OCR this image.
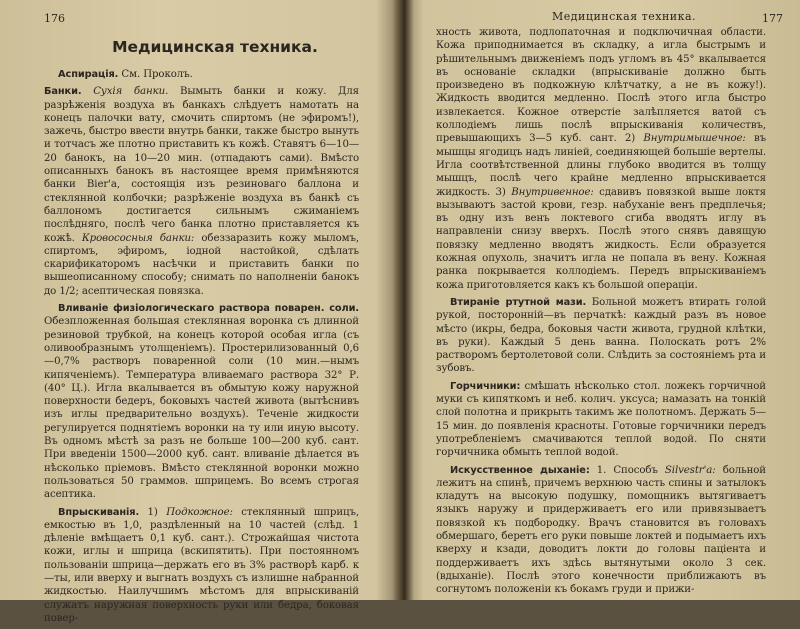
176
Медицинская техника.

Аспирація. См. Проколъ.

Банки. Сухія банки. Вымыть банки и кожу. Для разрѣженія воздуха въ банкахъ слѣдуетъ намотать на конецъ палочки вату, смочить спиртомъ (не эфиромъ!), зажечь, быстро ввести внутрь банки, также быстро вынуть и тотчасъ же плотно приставить къ кожѣ. Ставятъ 6—10—20 банокъ, на 10—20 мин. (отпадаютъ сами). Вмѣсто описанныхъ банокъ въ настоящее время примѣняются банки Bier'а, состоящія изъ резиноваго баллона и стеклянной колбочки; разрѣженіе воздуха въ банкѣ съ баллономъ достигается сильнымъ сжиманіемъ послѣдняго, послѣ чего банка плотно приставляется къ кожѣ. Кровососныя банки: обеззаразить кожу мыломъ, спиртомъ, эфиромъ, іодной настойкой, сдѣлать скарификаторомъ насѣчки и приставить банки по вышеописанному способу; снимать по наполненіи банокъ до 1/2; асептическая повязка.

Вливаніе физіологическаго раствора поварен. соли. Обезпложенная большая стеклянная воронка съ длинной резиновой трубкой, на конецъ которой особая игла (съ оливообразнымъ утолщеніемъ). Простерилизованный 0,6—0,7% растворъ поваренной соли (10 мин.—нымъ кипяченіемъ). Температура вливаемаго раствора 32° Р. (40° Ц.). Игла вкалывается въ обмытую кожу наружной поверхности бедеръ, боковыхъ частей живота (вытѣснивъ изъ иглы предварительно воздухъ). Теченіе жидкости регулируется поднятіемъ воронки на ту или иную высоту. Въ одномъ мѣстѣ за разъ не больше 100—200 куб. сант. При введеніи 1500—2000 куб. сант. вливаніе дѣлается въ нѣсколько пріемовъ. Вмѣсто стеклянной воронки можно пользоваться 50 граммов. шприцемъ. Во всемъ строгая асептика.

Впрыскиванія. 1) Подкожное: стеклянный шприцъ, емкостью въ 1,0, раздѣленный на 10 частей (слѣд. 1 дѣленіе вмѣщаетъ 0,1 куб. сант.). Строжайшая чистота кожи, иглы и шприца (вскипятить). При постоянномъ пользованіи шприца—держать его въ 3% растворѣ карб. к—ты, или вверху и выгнать воздухъ съ излишне набранной жидкостью. Наилучшимъ мѣстомъ для впрыскиваній служатъ наружная поверхность руки или бедра, боковая повер-

Медицинская техника.	177

хность живота, подлопаточная и подключичная области. Кожа приподнимается въ складку, а игла быстрымъ и рѣшительнымъ движеніемъ подъ угломъ въ 45° вкалывается въ основаніе складки (впрыскиваніе должно быть произведено въ подкожную клѣтчатку, а не въ кожу!). Жидкость вводится медленно. Послѣ этого игла быстро извлекается. Кожное отверстіе залѣпляется ватой съ коллодіемъ лишь послѣ впрыскиванія количествъ, превышающихъ 3—5 куб. сант. 2) Внутримышечное: въ мышцы ягодицъ надъ линіей, соединяющей большіе вертелы. Игла соотвѣтственной длины глубоко вводится въ толщу мышцъ, послѣ чего крайне медленно впрыскивается жидкость. 3) Внутривенное: сдавивъ повязкой выше локтя вызываютъ застой крови, гезр. набуханіе венъ предплечья; въ одну изъ венъ локтевого сгиба вводятъ иглу въ направленіи снизу вверхъ. Послѣ этого снявъ давящую повязку медленно вводятъ жидкость. Если образуется кожная опухоль, значитъ игла не попала въ вену. Кожная ранка покрывается коллодіемъ. Передъ впрыскиваніемъ кожа приготовляется какъ къ большой операціи.

Втираніе ртутной мази. Больной можетъ втирать голой рукой, посторонній—въ перчаткѣ: каждый разъ въ новое мѣсто (икры, бедра, боковыя части живота, грудной клѣтки, въ руки). Каждый 5 день ванна. Полоскать ротъ 2% растворомъ бертолетовой соли. Слѣдить за состояніемъ рта и зубовъ.

Горчичники: смѣшать нѣсколько стол. ложекъ горчичной муки съ кипяткомъ и неб. колич. уксуса; намазать на тонкій слой полотна и прикрыть такимъ же полотномъ. Держать 5—15 мин. до появленія красноты. Готовые горчичники передъ употребленіемъ смачиваются теплой водой. По сняти горчичника обмыть теплой водой.

Искусственное дыханіе: 1. Способъ Silvestr'a: больной лежитъ на спинѣ, причемъ верхнюю часть спины и затылокъ кладутъ на высокую подушку, помощникъ вытягиваетъ языкъ наружу и придерживаетъ его или привязываетъ повязкой къ подбородку. Врачъ становится въ головахъ обмершаго, беретъ его руки повыше локтей и подымаетъ ихъ кверху и кзади, доводитъ локти до головы пацiента и поддерживаетъ ихъ здѣсь вытянутыми около 3 сек. (вдыханіе). Послѣ этого конечности приближаютъ въ согнутомъ положеніи къ бокамъ груди и прижи-
